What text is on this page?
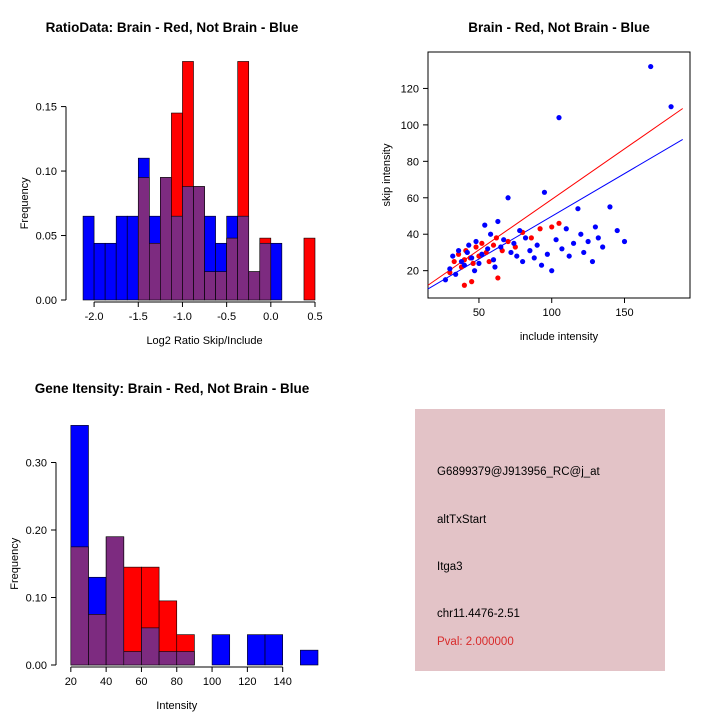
RatioData: Brain - Red, Not Brain - Blue
-2.0 -1.5 -1.0 -0.5 0.0	0.5
0.00
0.05
0.10
0.15
Log2 Ratio Skip/Include
Frequency
Brain - Red, Not Brain - Blue
50	100	150
20
40
60
80
100
120
include intensity
skip intensity
Gene Itensity: Brain - Red, Not Brain - Blue
20 40 60 80 100 120 140
0.00
0.10
0.20
0.30
Intensity
Frequency
G6899379@J913956_RC@j_at
altTxStart
Itga3
chr11.4476-2.51
Pval: 2.000000
